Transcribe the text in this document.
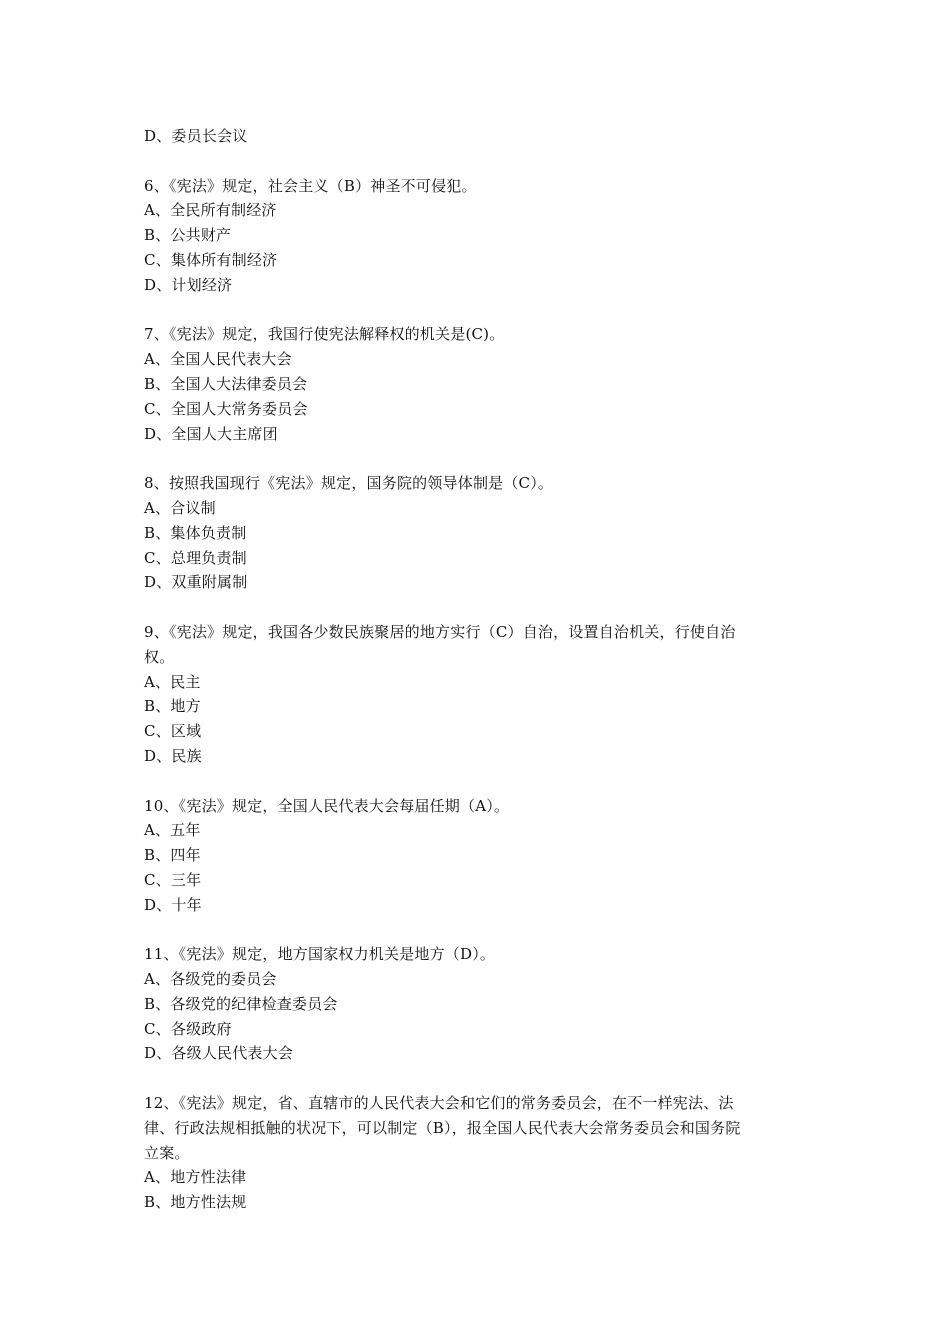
D、委员长会议
6、《宪法》规定，社会主义（B）神圣不可侵犯。
A、全民所有制经济
B、公共财产
C、集体所有制经济
D、计划经济
7、《宪法》规定，我国行使宪法解释权的机关是(C)。
A、全国人民代表大会
B、全国人大法律委员会
C、全国人大常务委员会
D、全国人大主席团
8、按照我国现行《宪法》规定，国务院的领导体制是（C）。
A、合议制
B、集体负责制
C、总理负责制
D、双重附属制
9、《宪法》规定，我国各少数民族聚居的地方实行（C）自治，设置自治机关，行使自治
权。
A、民主
B、地方
C、区域
D、民族
10、《宪法》规定，全国人民代表大会每届任期（A）。
A、五年
B、四年
C、三年
D、十年
11、《宪法》规定，地方国家权力机关是地方（D）。
A、各级党的委员会
B、各级党的纪律检查委员会
C、各级政府
D、各级人民代表大会
12、《宪法》规定，省、直辖市的人民代表大会和它们的常务委员会，在不一样宪法、法
律、行政法规相抵触的状况下，可以制定（B），报全国人民代表大会常务委员会和国务院
立案。
A、地方性法律
B、地方性法规
